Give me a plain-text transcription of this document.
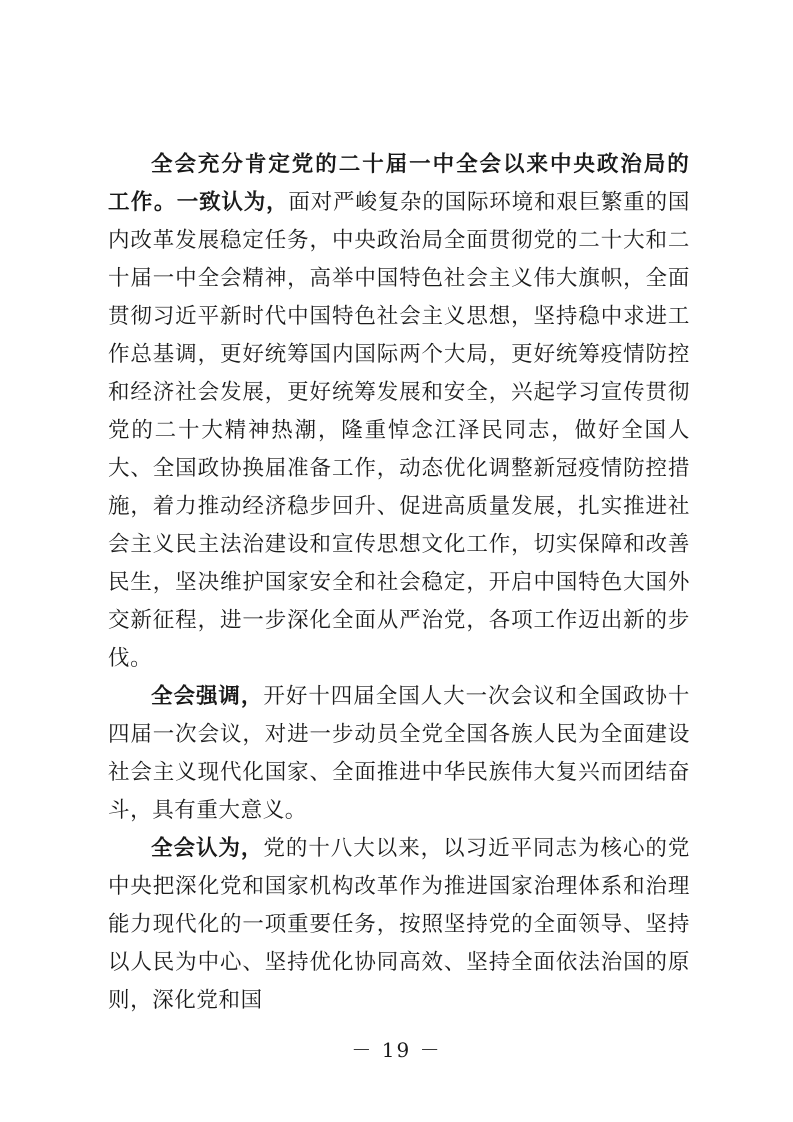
全会充分肯定党的二十届一中全会以来中央政治局的工作。一致认为，面对严峻复杂的国际环境和艰巨繁重的国内改革发展稳定任务，中央政治局全面贯彻党的二十大和二十届一中全会精神，高举中国特色社会主义伟大旗帜，全面贯彻习近平新时代中国特色社会主义思想，坚持稳中求进工作总基调，更好统筹国内国际两个大局，更好统筹疫情防控和经济社会发展，更好统筹发展和安全，兴起学习宣传贯彻党的二十大精神热潮，隆重悼念江泽民同志，做好全国人大、全国政协换届准备工作，动态优化调整新冠疫情防控措施，着力推动经济稳步回升、促进高质量发展，扎实推进社会主义民主法治建设和宣传思想文化工作，切实保障和改善民生，坚决维护国家安全和社会稳定，开启中国特色大国外交新征程，进一步深化全面从严治党，各项工作迈出新的步伐。

全会强调，开好十四届全国人大一次会议和全国政协十四届一次会议，对进一步动员全党全国各族人民为全面建设社会主义现代化国家、全面推进中华民族伟大复兴而团结奋斗，具有重大意义。

全会认为，党的十八大以来，以习近平同志为核心的党中央把深化党和国家机构改革作为推进国家治理体系和治理能力现代化的一项重要任务，按照坚持党的全面领导、坚持以人民为中心、坚持优化协同高效、坚持全面依法治国的原则，深化党和国

－ 19 －
